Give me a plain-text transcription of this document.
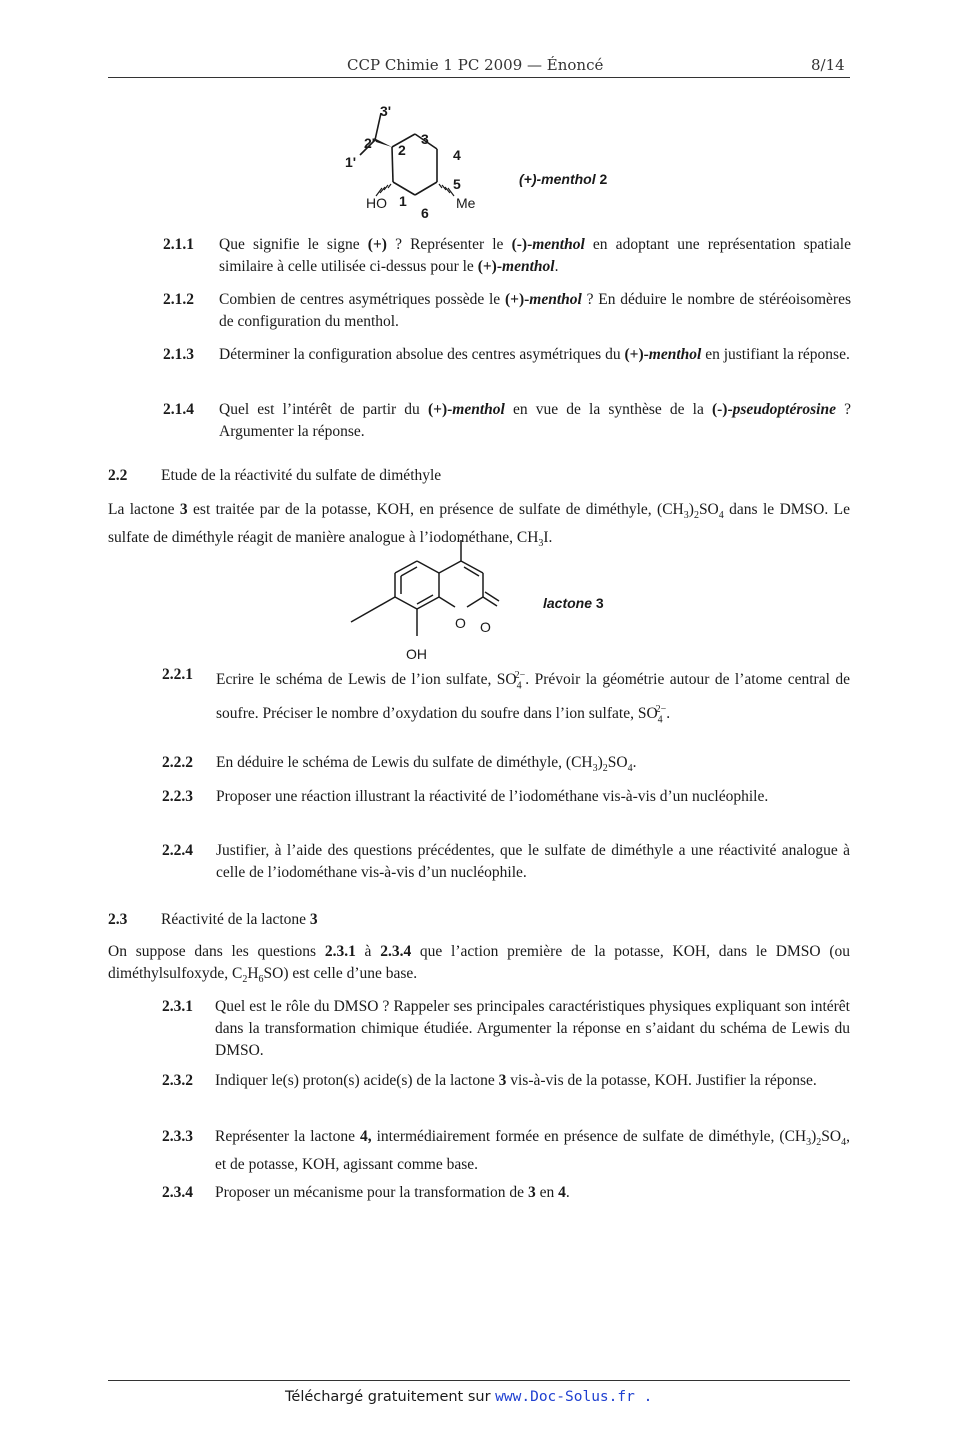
CCP Chimie 1 PC 2009 — Énoncé	8/14
3'
2'
1'
2
3
4
5
6
1
HO	Me
(+)-menthol 2
2.1.1 Que signifie le signe (+) ? Représenter le (-)-menthol en adoptant une représentation spatiale similaire à celle utilisée ci-dessus pour le (+)-menthol.
2.1.2 Combien de centres asymétriques possède le (+)-menthol ? En déduire le nombre de stéréoisomères de configuration du menthol.
2.1.3 Déterminer la configuration absolue des centres asymétriques du (+)-menthol en justifiant la réponse.
2.1.4 Quel est l’intérêt de partir du (+)-menthol en vue de la synthèse de la (-)-pseudoptérosine ? Argumenter la réponse.
2.2 Etude de la réactivité du sulfate de diméthyle
La lactone 3 est traitée par de la potasse, KOH, en présence de sulfate de diméthyle, $(CH_3)_2SO_4$ dans le DMSO. Le sulfate de diméthyle réagit de manière analogue à l’iodométhane, $CH_3I$.
O O
OH
lactone 3
2.2.1 Ecrire le schéma de Lewis de l’ion sulfate, $SO_4^{2-}$. Prévoir la géométrie autour de l’atome central de soufre. Préciser le nombre d’oxydation du soufre dans l’ion sulfate, $SO_4^{2-}$.
2.2.2 En déduire le schéma de Lewis du sulfate de diméthyle, $(CH_3)_2SO_4$.
2.2.3 Proposer une réaction illustrant la réactivité de l’iodométhane vis-à-vis d’un nucléophile.
2.2.4 Justifier, à l’aide des questions précédentes, que le sulfate de diméthyle a une réactivité analogue à celle de l’iodométhane vis-à-vis d’un nucléophile.
2.3 Réactivité de la lactone 3
On suppose dans les questions 2.3.1 à 2.3.4 que l’action première de la potasse, KOH, dans le DMSO (ou diméthylsulfoxyde, $C_2H_6SO$) est celle d’une base.
2.3.1 Quel est le rôle du DMSO ? Rappeler ses principales caractéristiques physiques expliquant son intérêt dans la transformation chimique étudiée. Argumenter la réponse en s’aidant du schéma de Lewis du DMSO.
2.3.2 Indiquer le(s) proton(s) acide(s) de la lactone 3 vis-à-vis de la potasse, KOH. Justifier la réponse.
2.3.3 Représenter la lactone 4, intermédiairement formée en présence de sulfate de diméthyle, $(CH_3)_2SO_4$, et de potasse, KOH, agissant comme base.
2.3.4 Proposer un mécanisme pour la transformation de 3 en 4.
Téléchargé gratuitement sur www.Doc-Solus.fr .
